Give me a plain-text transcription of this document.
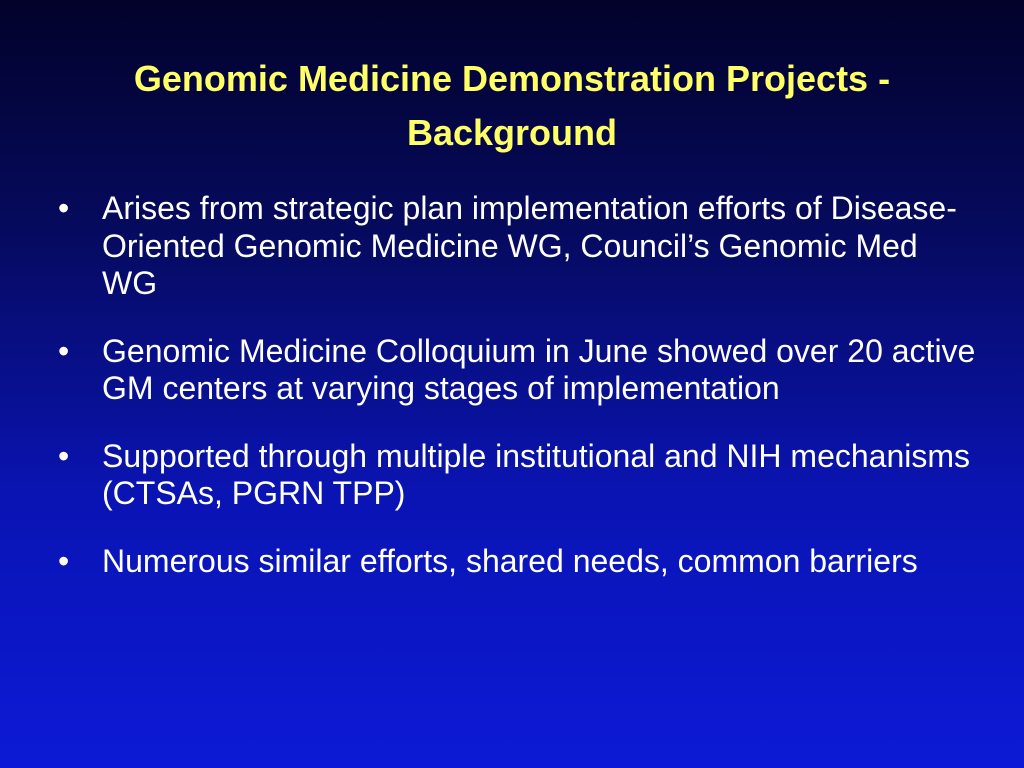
Genomic Medicine Demonstration Projects - Background
•	Arises from strategic plan implementation efforts of Disease-Oriented Genomic Medicine WG, Council’s Genomic Med WG
•	Genomic Medicine Colloquium in June showed over 20 active GM centers at varying stages of implementation
•	Supported through multiple institutional and NIH mechanisms (CTSAs, PGRN TPP)
•	Numerous similar efforts, shared needs, common barriers
